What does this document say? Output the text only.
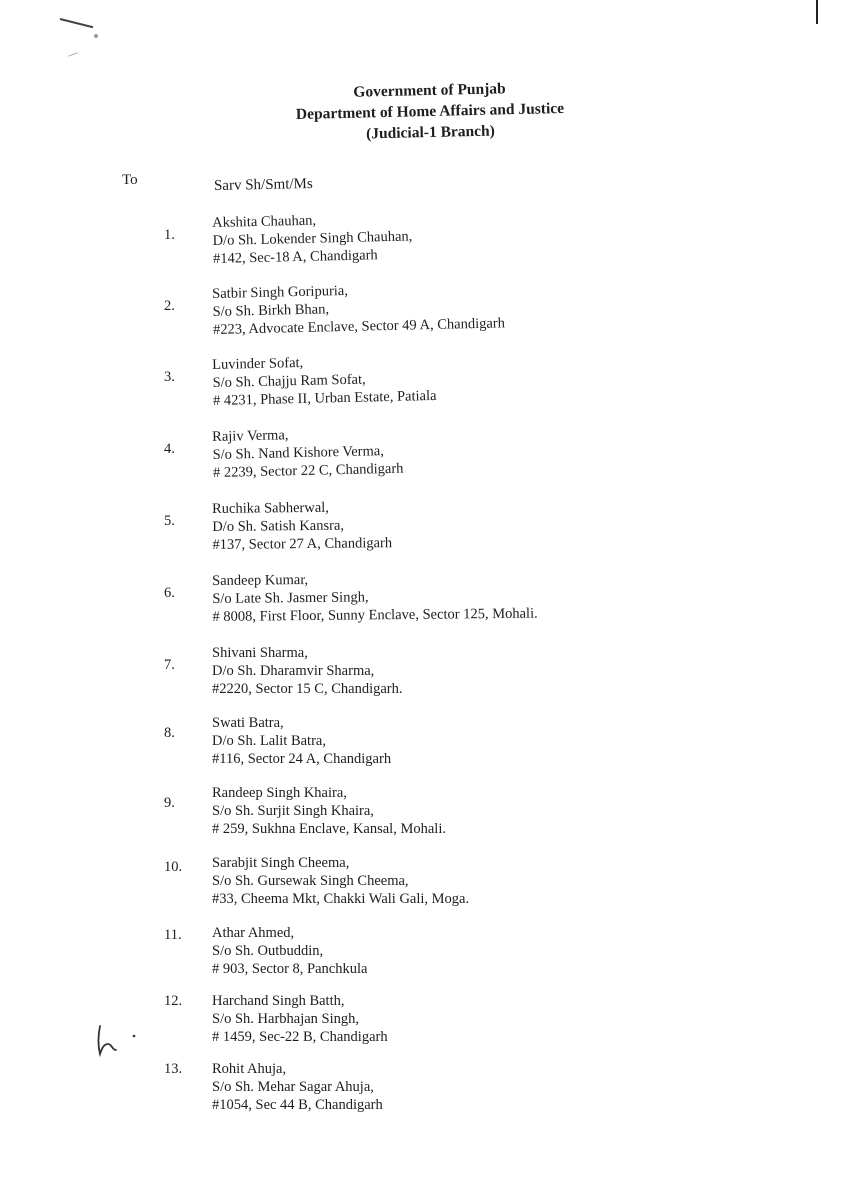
Government of Punjab
Department of Home Affairs and Justice
(Judicial-1 Branch)
To	Sarv Sh/Smt/Ms
1.
Akshita Chauhan,
D/o Sh. Lokender Singh Chauhan,
#142, Sec-18 A, Chandigarh
2.
Satbir Singh Goripuria,
S/o Sh. Birkh Bhan,
#223, Advocate Enclave, Sector 49 A, Chandigarh
3.
Luvinder Sofat,
S/o Sh. Chajju Ram Sofat,
# 4231, Phase II, Urban Estate, Patiala
4.
Rajiv Verma,
S/o Sh. Nand Kishore Verma,
# 2239, Sector 22 C, Chandigarh
5.
Ruchika Sabherwal,
D/o Sh. Satish Kansra,
#137, Sector 27 A, Chandigarh
6.
Sandeep Kumar,
S/o Late Sh. Jasmer Singh,
# 8008, First Floor, Sunny Enclave, Sector 125, Mohali.
7.
Shivani Sharma,
D/o Sh. Dharamvir Sharma,
#2220, Sector 15 C, Chandigarh.
8.
Swati Batra,
D/o Sh. Lalit Batra,
#116, Sector 24 A, Chandigarh
9.
Randeep Singh Khaira,
S/o Sh. Surjit Singh Khaira,
# 259, Sukhna Enclave, Kansal, Mohali.
10.	Sarabjit Singh Cheema,
S/o Sh. Gursewak Singh Cheema,
#33, Cheema Mkt, Chakki Wali Gali, Moga.
11.	Athar Ahmed,
S/o Sh. Outbuddin,
# 903, Sector 8, Panchkula
12.	Harchand Singh Batth,
S/o Sh. Harbhajan Singh,
# 1459, Sec-22 B, Chandigarh
13.	Rohit Ahuja,
S/o Sh. Mehar Sagar Ahuja,
#1054, Sec 44 B, Chandigarh
